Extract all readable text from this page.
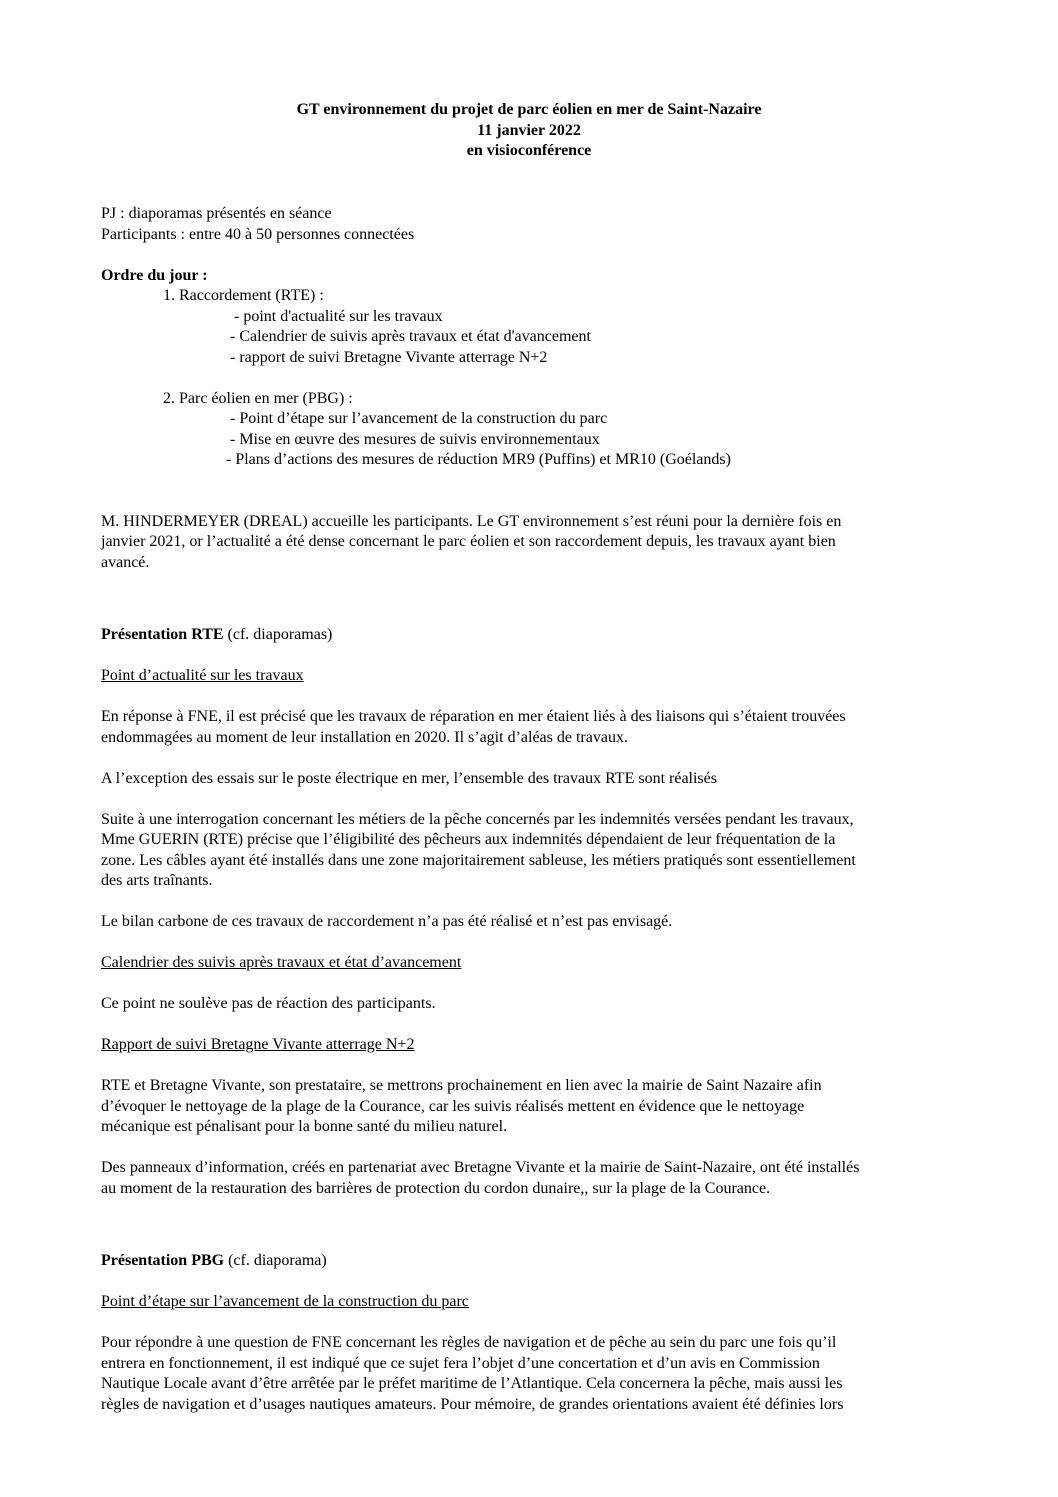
GT environnement du projet de parc éolien en mer de Saint-Nazaire
11 janvier 2022
en visioconférence
PJ : diaporamas présentés en séance
Participants : entre 40 à 50 personnes connectées
Ordre du jour :
1. Raccordement (RTE) :
- point d'actualité sur les travaux
- Calendrier de suivis après travaux et état d'avancement
- rapport de suivi Bretagne Vivante atterrage N+2
2. Parc éolien en mer (PBG) :
- Point d’étape sur l’avancement de la construction du parc
- Mise en œuvre des mesures de suivis environnementaux
- Plans d’actions des mesures de réduction MR9 (Puffins) et MR10 (Goélands)
M. HINDERMEYER (DREAL) accueille les participants. Le GT environnement s’est réuni pour la dernière fois en
janvier 2021, or l’actualité a été dense concernant le parc éolien et son raccordement depuis, les travaux ayant bien
avancé.
Présentation RTE (cf. diaporamas)
Point d’actualité sur les travaux
En réponse à FNE, il est précisé que les travaux de réparation en mer étaient liés à des liaisons qui s’étaient trouvées
endommagées au moment de leur installation en 2020. Il s’agit d’aléas de travaux.
A l’exception des essais sur le poste électrique en mer, l’ensemble des travaux RTE sont réalisés
Suite à une interrogation concernant les métiers de la pêche concernés par les indemnités versées pendant les travaux,
Mme GUERIN (RTE) précise que l’éligibilité des pêcheurs aux indemnités dépendaient de leur fréquentation de la
zone. Les câbles ayant été installés dans une zone majoritairement sableuse, les métiers pratiqués sont essentiellement
des arts traînants.
Le bilan carbone de ces travaux de raccordement n’a pas été réalisé et n’est pas envisagé.
Calendrier des suivis après travaux et état d’avancement
Ce point ne soulève pas de réaction des participants.
Rapport de suivi Bretagne Vivante atterrage N+2
RTE et Bretagne Vivante, son prestataire, se mettrons prochainement en lien avec la mairie de Saint Nazaire afin
d’évoquer le nettoyage de la plage de la Courance, car les suivis réalisés mettent en évidence que le nettoyage
mécanique est pénalisant pour la bonne santé du milieu naturel.
Des panneaux d’information, créés en partenariat avec Bretagne Vivante et la mairie de Saint-Nazaire, ont été installés
au moment de la restauration des barrières de protection du cordon dunaire,, sur la plage de la Courance.
Présentation PBG (cf. diaporama)
Point d’étape sur l’avancement de la construction du parc
Pour répondre à une question de FNE concernant les règles de navigation et de pêche au sein du parc une fois qu’il
entrera en fonctionnement, il est indiqué que ce sujet fera l’objet d’une concertation et d’un avis en Commission
Nautique Locale avant d’être arrêtée par le préfet maritime de l’Atlantique. Cela concernera la pêche, mais aussi les
règles de navigation et d’usages nautiques amateurs. Pour mémoire, de grandes orientations avaient été définies lors
